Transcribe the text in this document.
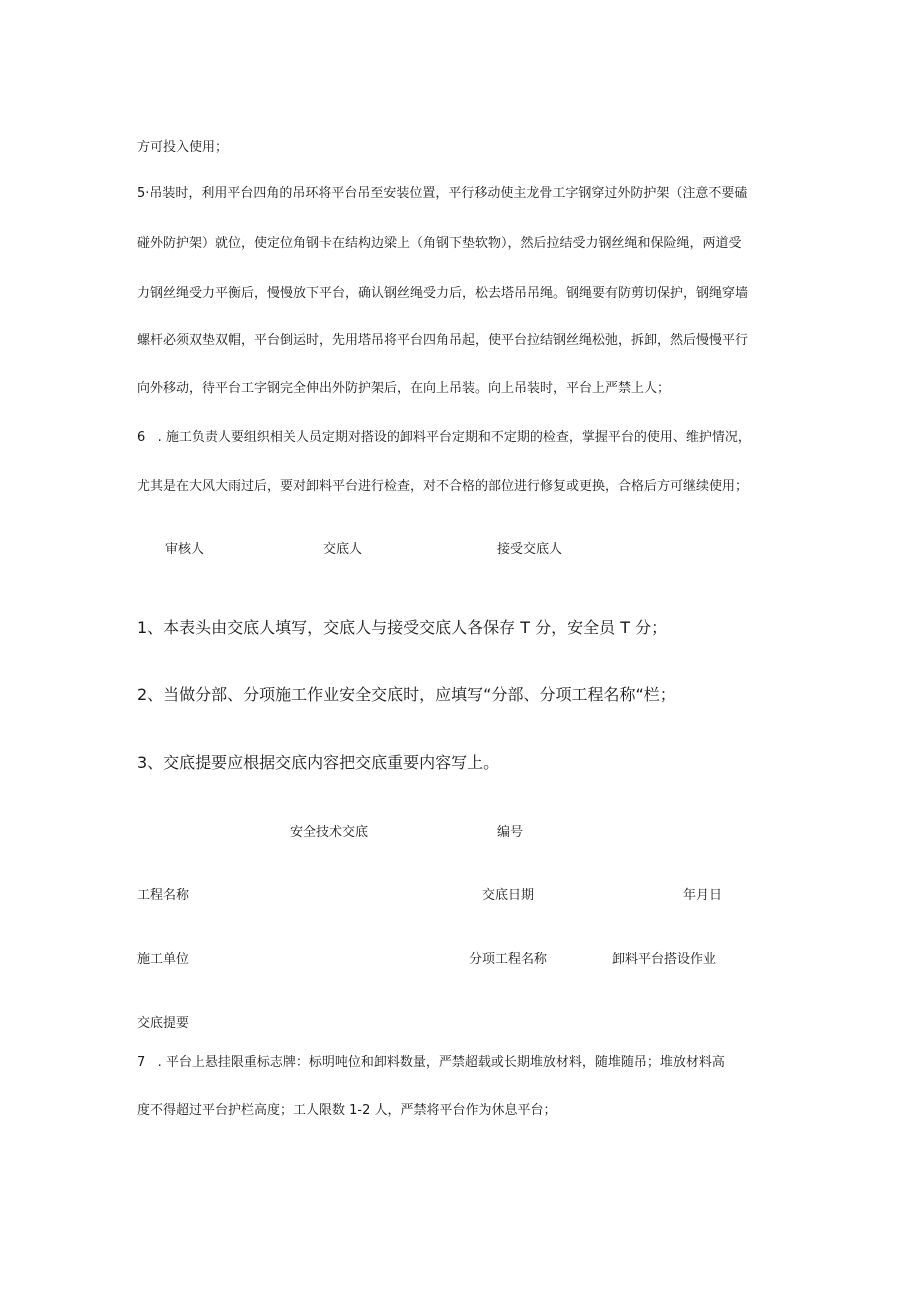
方可投入使用；
5·吊装时，利用平台四角的吊环将平台吊至安装位置，平行移动使主龙骨工字钢穿过外防护架（注意不要磕
碰外防护架）就位，使定位角钢卡在结构边梁上（角钢下垫软物），然后拉结受力钢丝绳和保险绳，两道受
力钢丝绳受力平衡后，慢慢放下平台，确认钢丝绳受力后，松去塔吊吊绳。钢绳要有防剪切保护，钢绳穿墙
螺杆必须双垫双帽，平台倒运时，先用塔吊将平台四角吊起，使平台拉结钢丝绳松弛，拆卸，然后慢慢平行
向外移动，待平台工字钢完全伸出外防护架后，在向上吊装。向上吊装时，平台上严禁上人；
6   . 施工负责人要组织相关人员定期对搭设的卸料平台定期和不定期的检查，掌握平台的使用、维护情况，
尤其是在大风大雨过后，要对卸料平台进行检查，对不合格的部位进行修复或更换，合格后方可继续使用；
审核人	交底人	接受交底人
1、本表头由交底人填写，交底人与接受交底人各保存 T 分，安全员 T 分；
2、当做分部、分项施工作业安全交底时，应填写“分部、分项工程名称“栏；
3、交底提要应根据交底内容把交底重要内容写上。
安全技术交底	编号
工程名称	交底日期	年月日
施工单位	分项工程名称	卸料平台搭设作业
交底提要
7   . 平台上悬挂限重标志牌：标明吨位和卸料数量，严禁超载或长期堆放材料，随堆随吊；堆放材料高
度不得超过平台护栏高度；工人限数 1-2 人，严禁将平台作为休息平台；
